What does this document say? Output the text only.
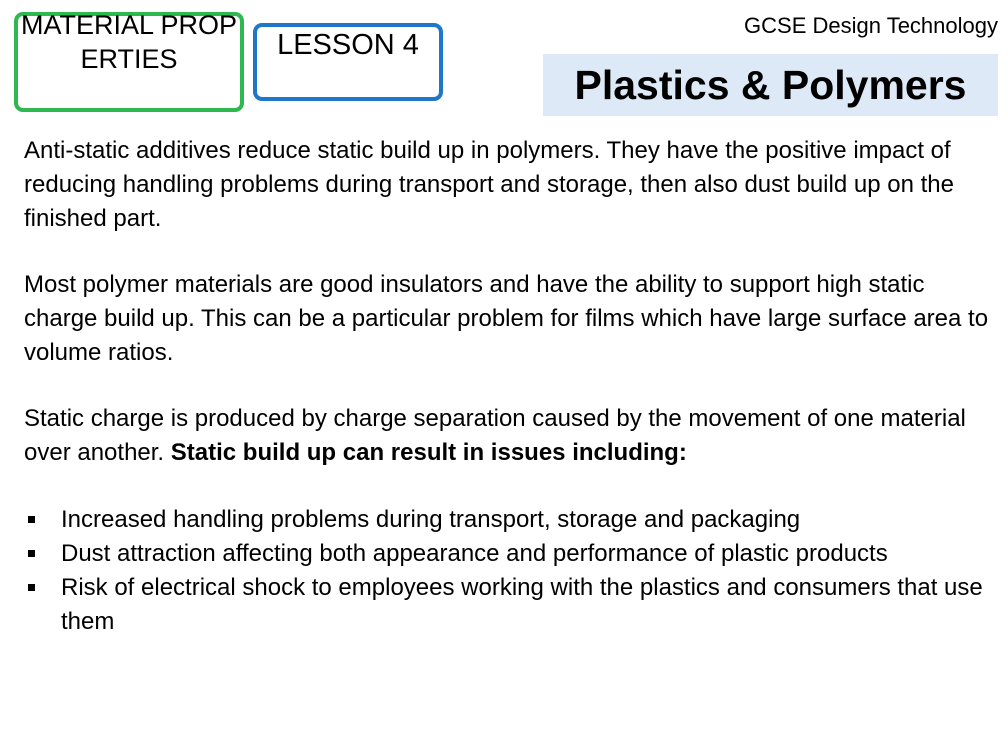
MATERIAL PROPERTIES	LESSON 4
GCSE Design Technology
Plastics & Polymers

Anti-static additives reduce static build up in polymers. They have the positive impact of reducing handling problems during transport and storage, then also dust build up on the finished part.

Most polymer materials are good insulators and have the ability to support high static charge build up. This can be a particular problem for films which have large surface area to volume ratios.

Static charge is produced by charge separation caused by the movement of one material over another. Static build up can result in issues including:

Increased handling problems during transport, storage and packaging
Dust attraction affecting both appearance and performance of plastic products
Risk of electrical shock to employees working with the plastics and consumers that use them
